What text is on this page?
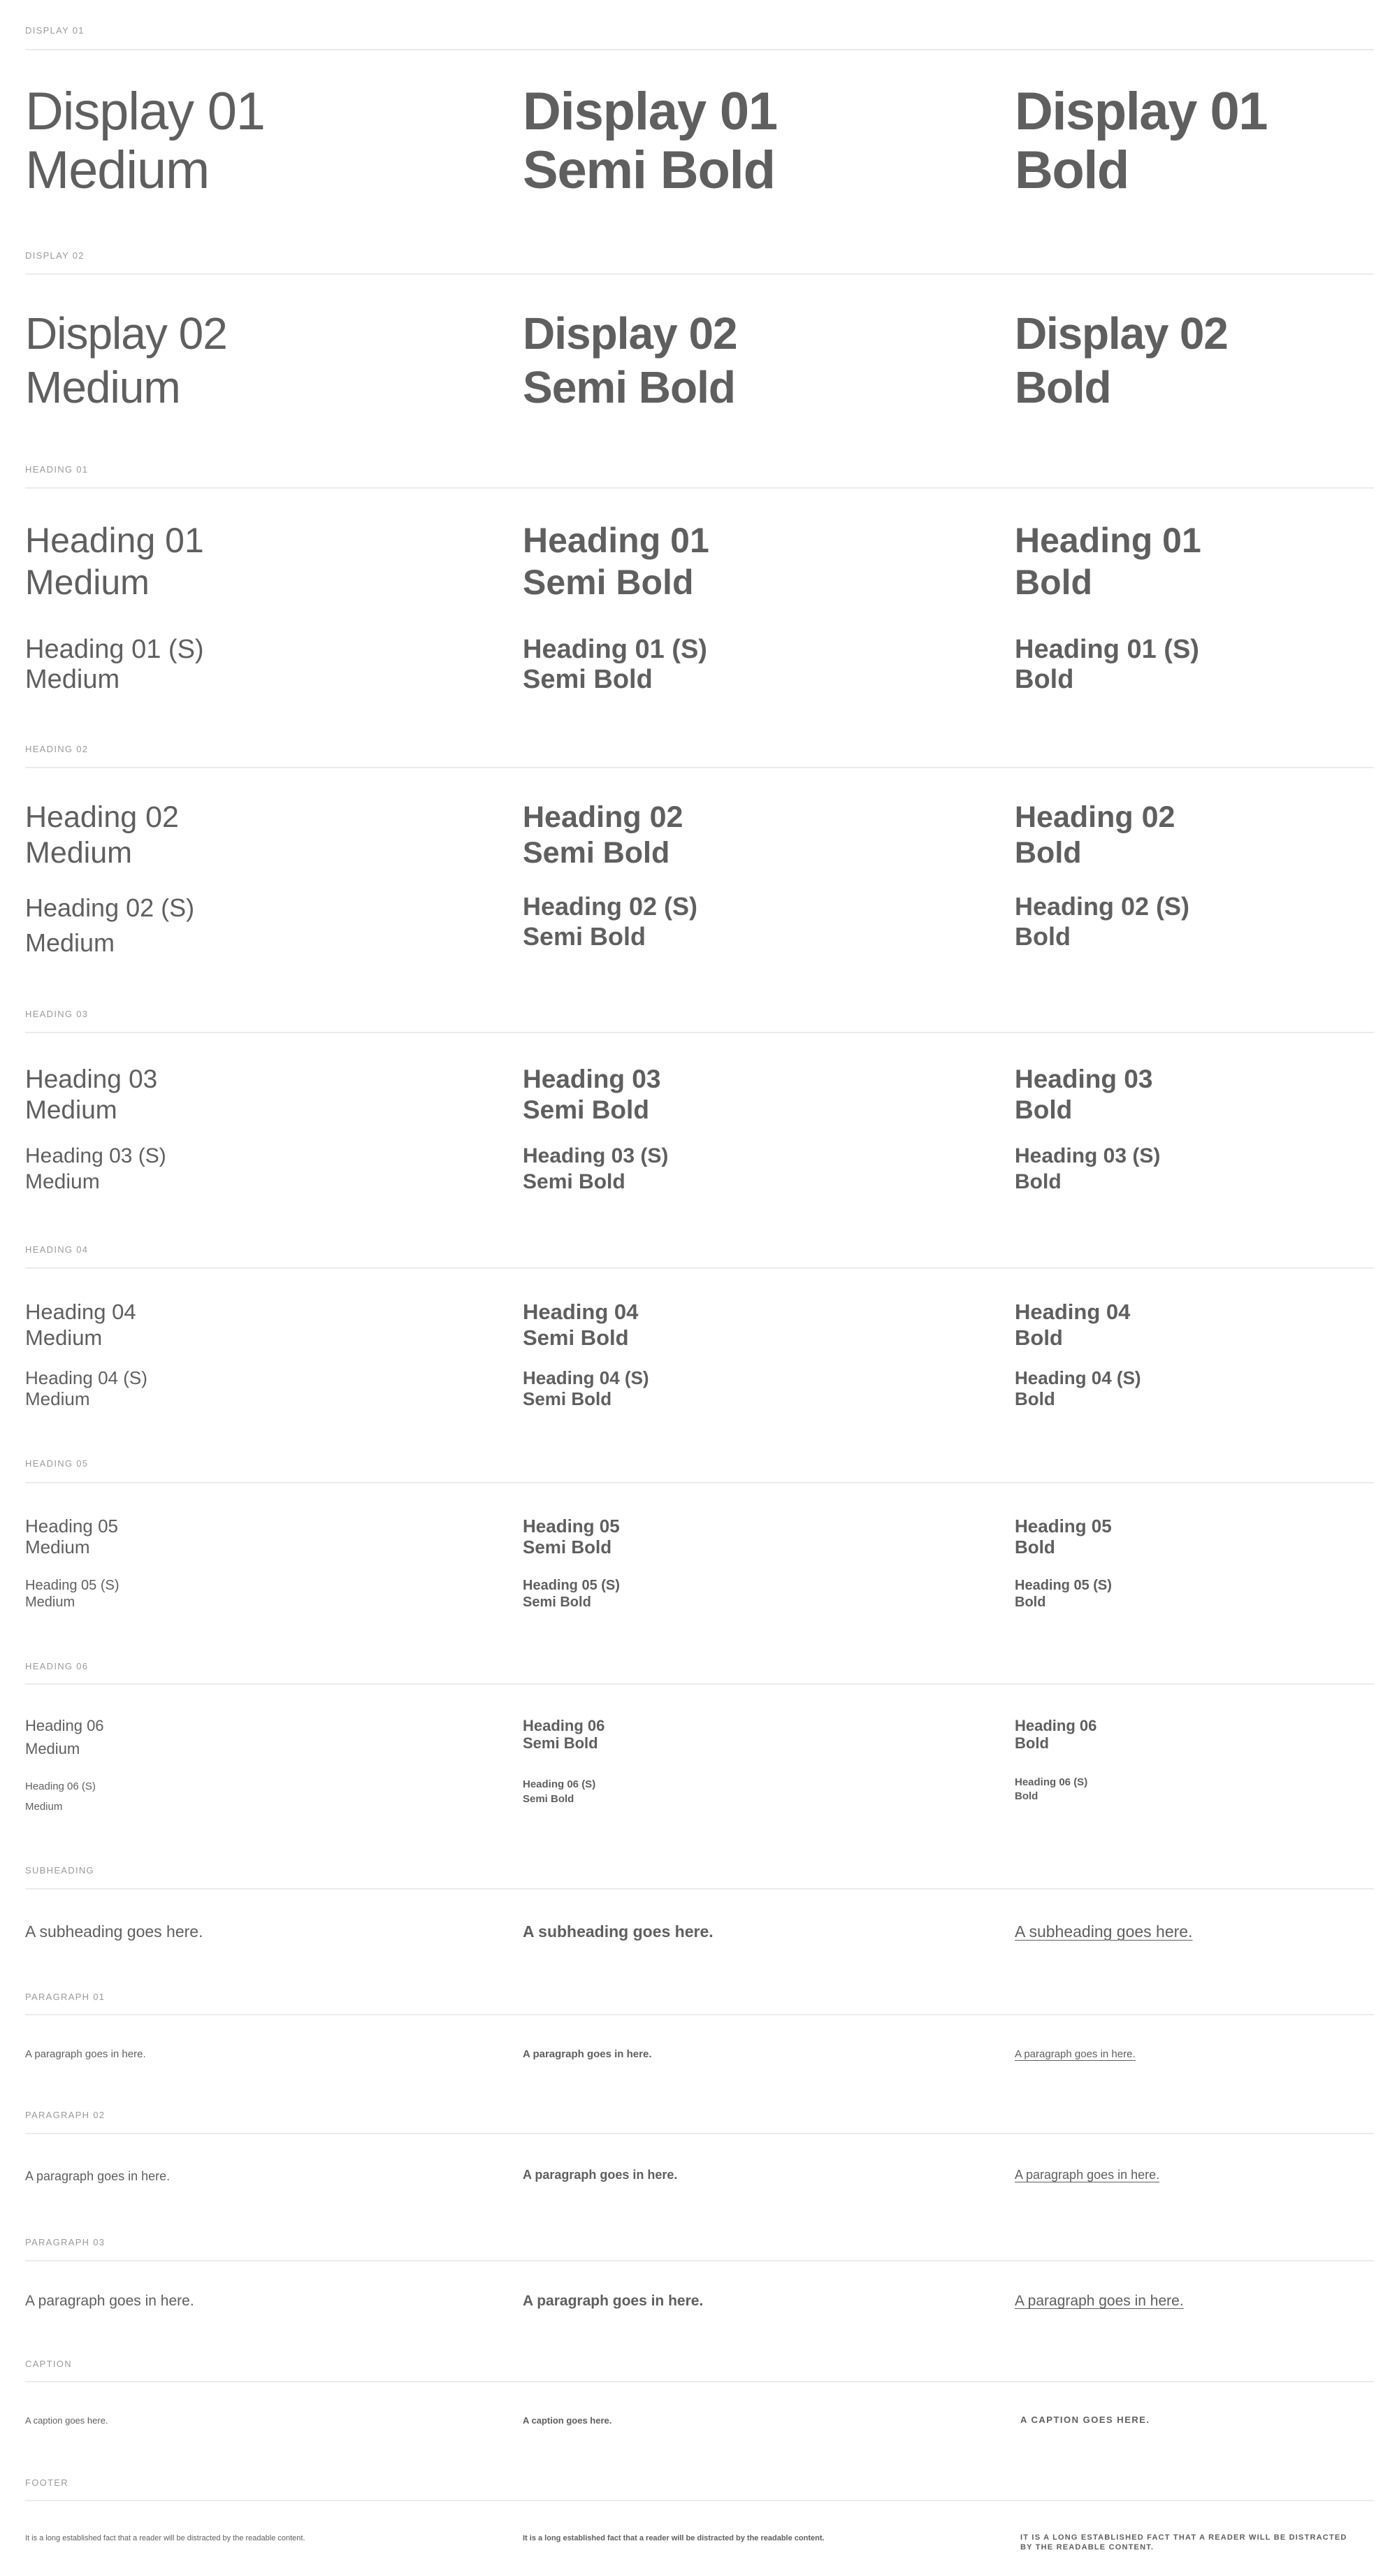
DISPLAY 01
Display 01
Medium
Display 01
Semi Bold
Display 01
Bold
DISPLAY 02
Display 02
Medium
Display 02
Semi Bold
Display 02
Bold
HEADING 01
Heading 01
Medium
Heading 01
Semi Bold
Heading 01
Bold
Heading 01 (S)
Medium
Heading 01 (S)
Semi Bold
Heading 01 (S)
Bold
HEADING 02
Heading 02
Medium
Heading 02
Semi Bold
Heading 02
Bold
Heading 02 (S)
Medium
Heading 02 (S)
Semi Bold
Heading 02 (S)
Bold
HEADING 03
Heading 03
Medium
Heading 03
Semi Bold
Heading 03
Bold
Heading 03 (S)
Medium
Heading 03 (S)
Semi Bold
Heading 03 (S)
Bold
HEADING 04
Heading 04
Medium
Heading 04
Semi Bold
Heading 04
Bold
Heading 04 (S)
Medium
Heading 04 (S)
Semi Bold
Heading 04 (S)
Bold
HEADING 05
Heading 05
Medium
Heading 05
Semi Bold
Heading 05
Bold
Heading 05 (S)
Medium
Heading 05 (S)
Semi Bold
Heading 05 (S)
Bold
HEADING 06
Heading 06
Medium
Heading 06
Semi Bold
Heading 06
Bold
Heading 06 (S)
Medium
Heading 06 (S)
Semi Bold
Heading 06 (S)
Bold
SUBHEADING
A subheading goes here.	A subheading goes here.	A subheading goes here.
PARAGRAPH 01
A paragraph goes in here.	A paragraph goes in here.	A paragraph goes in here.
PARAGRAPH 02
A paragraph goes in here.	A paragraph goes in here.	A paragraph goes in here.
PARAGRAPH 03
A paragraph goes in here.	A paragraph goes in here.	A paragraph goes in here.
CAPTION
A caption goes here.	A caption goes here.	A CAPTION GOES HERE.
FOOTER
It is a long established fact that a reader will be distracted by the readable content.	It is a long established fact that a reader will be distracted by the readable content.	IT IS A LONG ESTABLISHED FACT THAT A READER WILL BE DISTRACTED
BY THE READABLE CONTENT.
